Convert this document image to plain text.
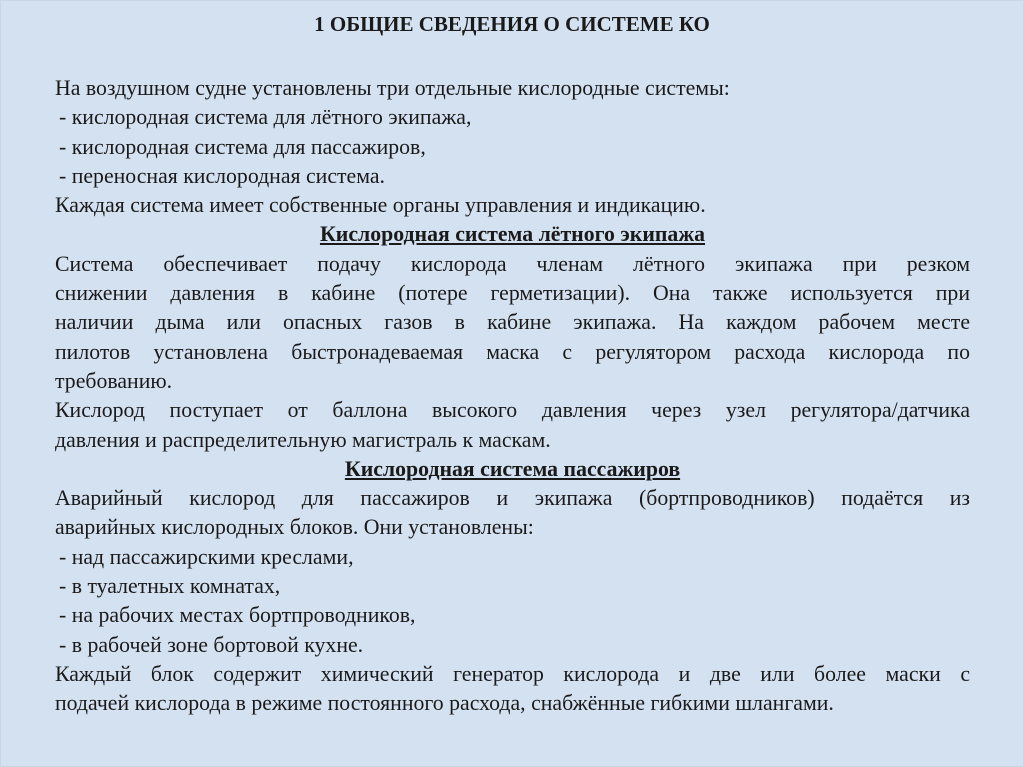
1 ОБЩИЕ СВЕДЕНИЯ О СИСТЕМЕ КО
На воздушном судне установлены три отдельные кислородные системы:
- кислородная система для лётного экипажа,
- кислородная система для пассажиров,
- переносная кислородная система.
Каждая система имеет собственные органы управления и индикацию.
Кислородная система лётного экипажа
Система обеспечивает подачу кислорода членам лётного экипажа при резком
снижении давления в кабине (потере герметизации). Она также используется при
наличии дыма или опасных газов в кабине экипажа. На каждом рабочем месте
пилотов установлена быстронадеваемая маска с регулятором расхода кислорода по
требованию.
Кислород поступает от баллона высокого давления через узел регулятора/датчика
давления и распределительную магистраль к маскам.
Кислородная система пассажиров
Аварийный кислород для пассажиров и экипажа (бортпроводников) подаётся из
аварийных кислородных блоков. Они установлены:
- над пассажирскими креслами,
- в туалетных комнатах,
- на рабочих местах бортпроводников,
- в рабочей зоне бортовой кухне.
Каждый блок содержит химический генератор кислорода и две или более маски с
подачей кислорода в режиме постоянного расхода, снабжённые гибкими шлангами.
